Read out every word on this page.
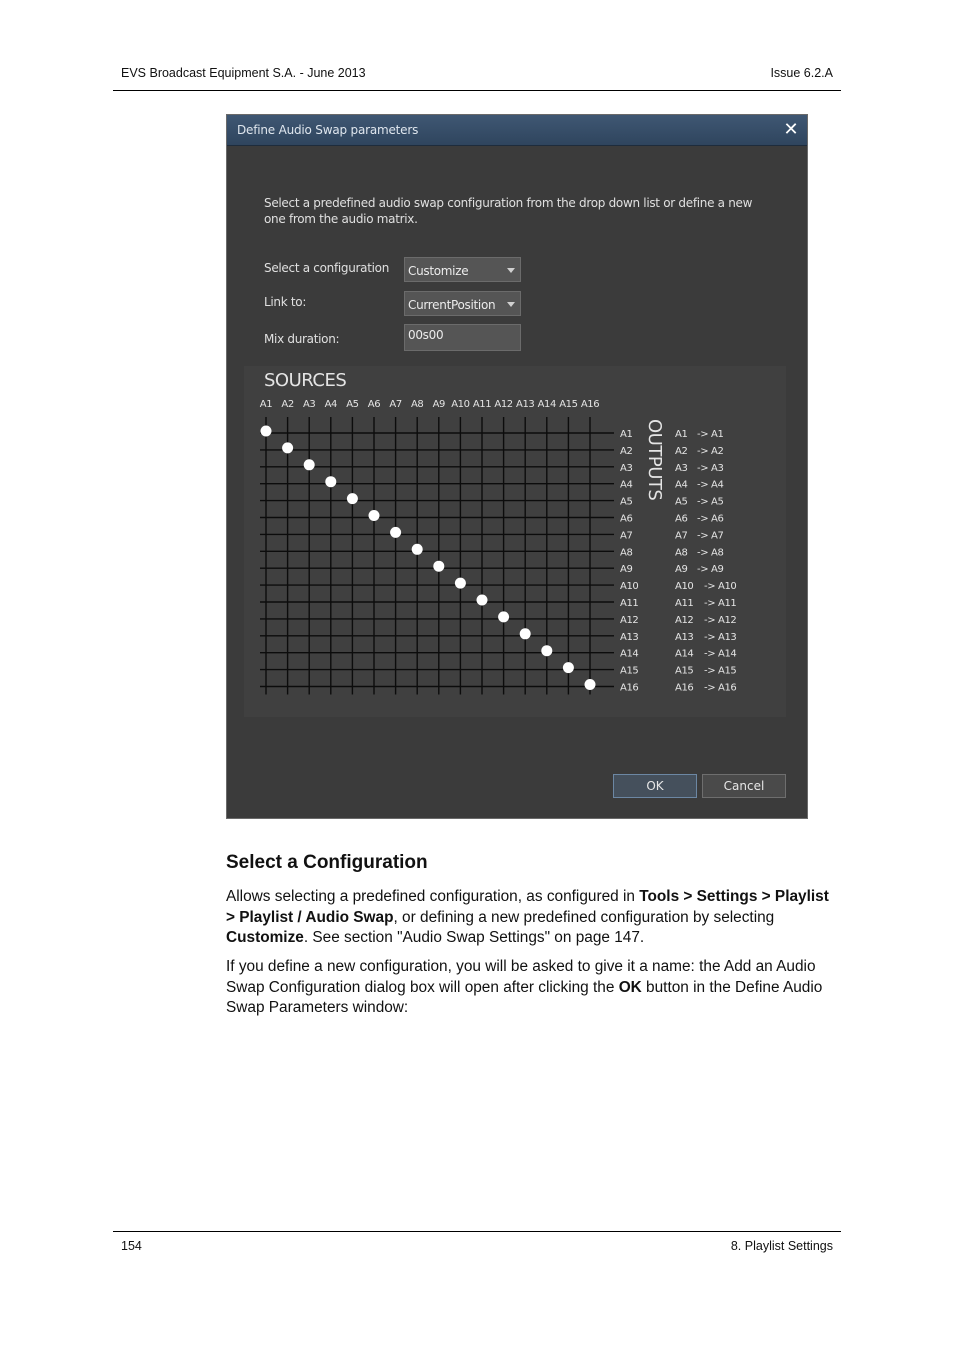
EVS Broadcast Equipment S.A. - June 2013	Issue 6.2.A
Define Audio Swap parameters	✕
Select a predefined audio swap configuration from the drop down list or define a new one from the audio matrix.
Select a configuration Customize
Link to:	CurrentPosition
Mix duration:	00s00
SOURCES
OUTPUTS
A1 A2 A3 A4 A5 A6 A7 A8 A9 A10 A11 A12 A13 A14 A15 A16
A1
A2
A3
A4
A5
A6
A7
A8
A9
A10
A11
A12
A13
A14
A15
A16
A1 -> A1
A2 -> A2
A3 -> A3
A4 -> A4
A5 -> A5
A6 -> A6
A7 -> A7
A8 -> A8
A9 -> A9
A10 -> A10
A11 -> A11
A12 -> A12
A13 -> A13
A14 -> A14
A15 -> A15
A16 -> A16
OK	Cancel
Select a Configuration
Allows selecting a predefined configuration, as configured in Tools > Settings > Playlist > Playlist / Audio Swap, or defining a new predefined configuration by selecting Customize. See section "Audio Swap Settings" on page 147.
If you define a new configuration, you will be asked to give it a name: the Add an Audio Swap Configuration dialog box will open after clicking the OK button in the Define Audio Swap Parameters window:
154	8. Playlist Settings
